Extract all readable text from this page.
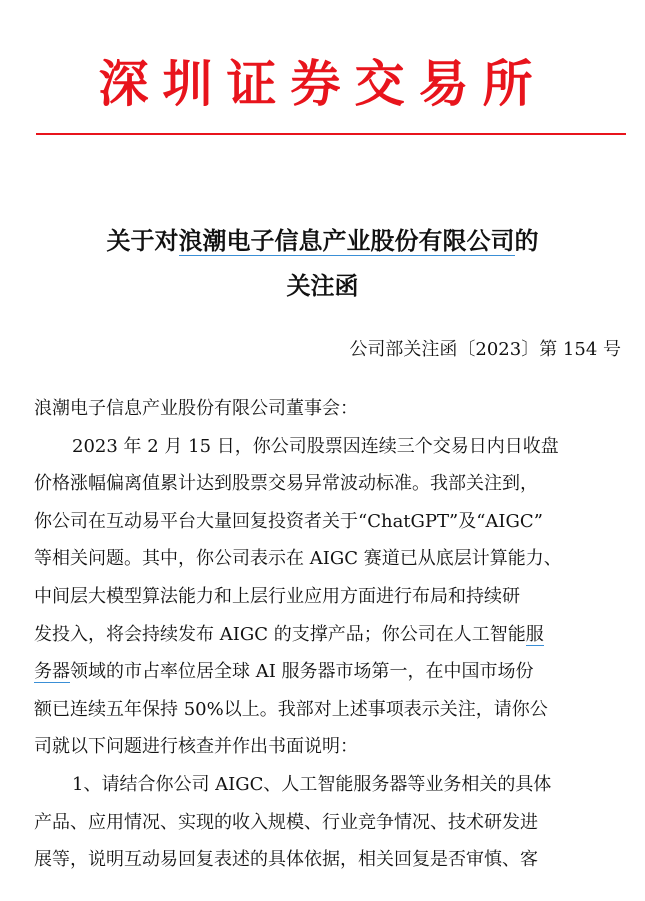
深圳证券交易所
关于对浪潮电子信息产业股份有限公司的
关注函
公司部关注函〔2023〕第 154 号
浪潮电子信息产业股份有限公司董事会：
2023 年 2 月 15 日，你公司股票因连续三个交易日内日收盘
价格涨幅偏离值累计达到股票交易异常波动标准。我部关注到，
你公司在互动易平台大量回复投资者关于“ChatGPT”及“AIGC”
等相关问题。其中，你公司表示在 AIGC 赛道已从底层计算能力、
中间层大模型算法能力和上层行业应用方面进行布局和持续研
发投入，将会持续发布 AIGC 的支撑产品；你公司在人工智能服
务器领域的市占率位居全球 AI 服务器市场第一，在中国市场份
额已连续五年保持 50%以上。我部对上述事项表示关注，请你公
司就以下问题进行核查并作出书面说明：
1、请结合你公司 AIGC、人工智能服务器等业务相关的具体
产品、应用情况、实现的收入规模、行业竞争情况、技术研发进
展等，说明互动易回复表述的具体依据，相关回复是否审慎、客
